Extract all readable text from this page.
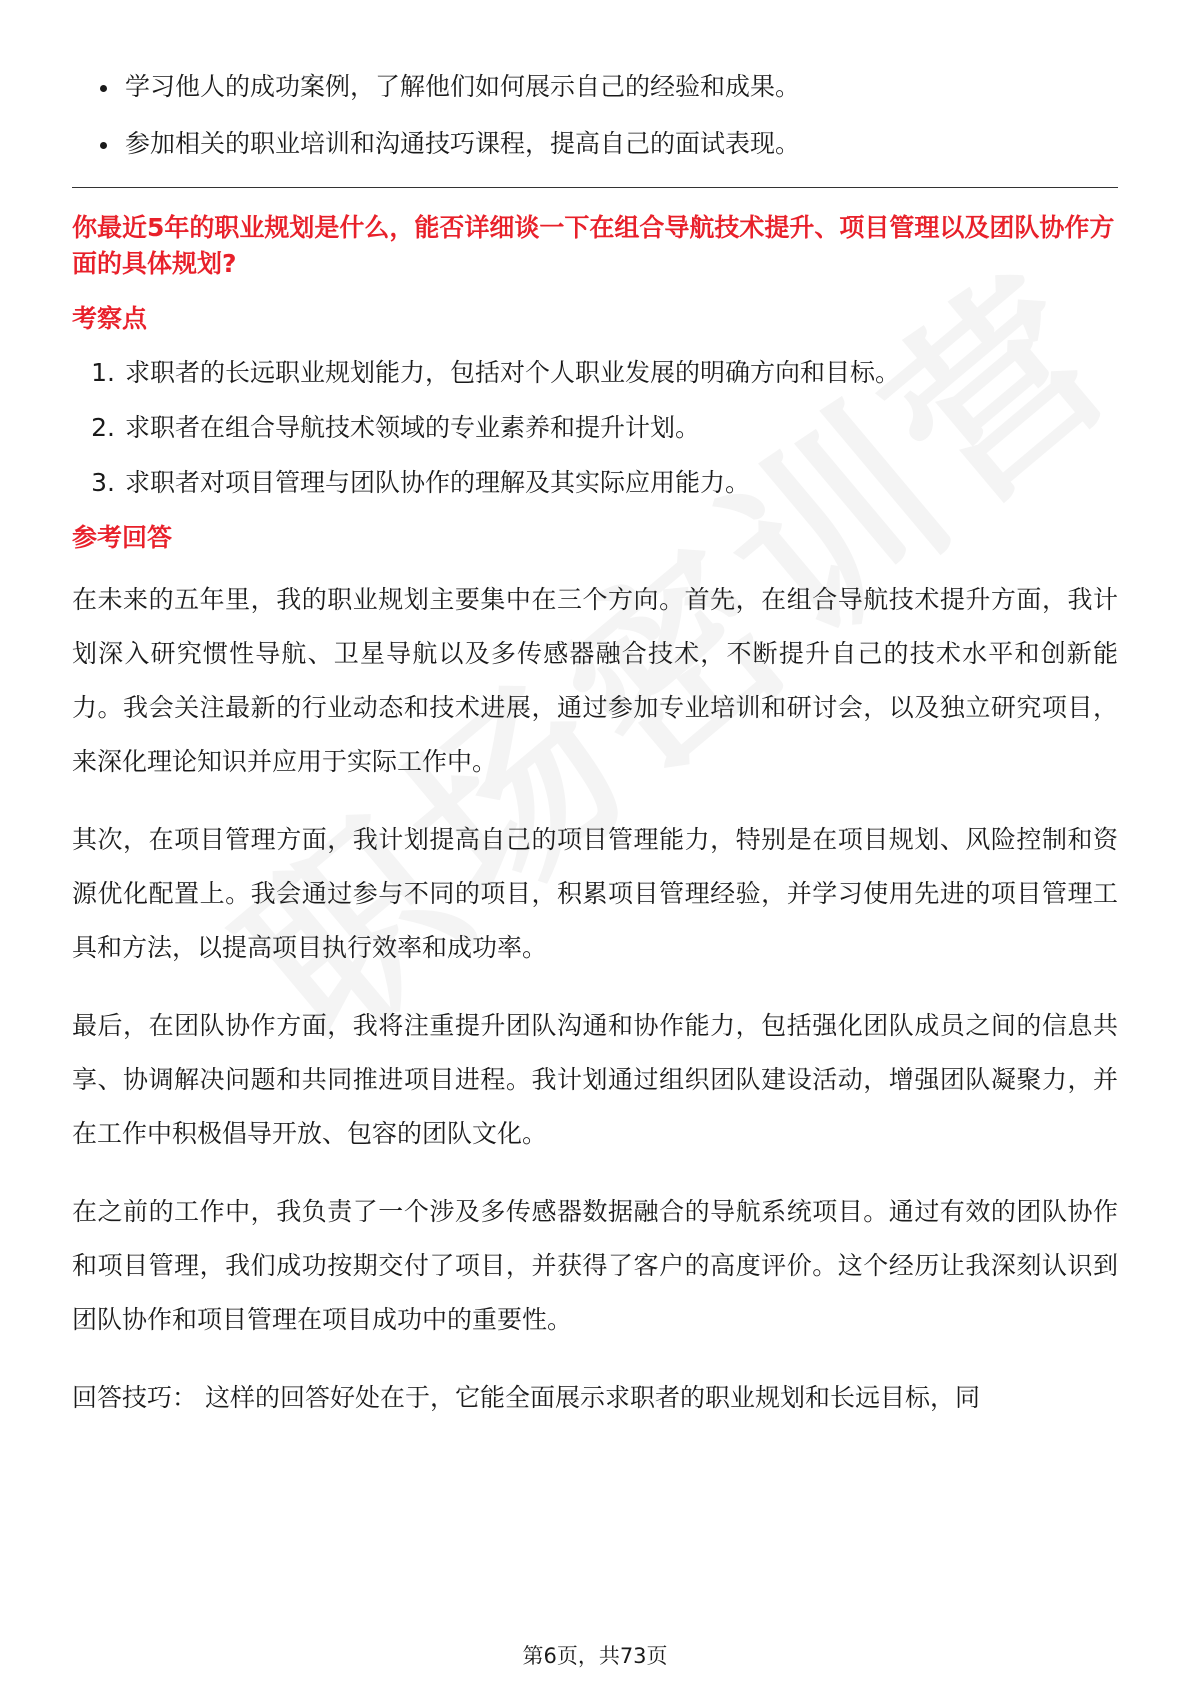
学习他人的成功案例，了解他们如何展示自己的经验和成果。
参加相关的职业培训和沟通技巧课程，提高自己的面试表现。
你最近5年的职业规划是什么，能否详细谈一下在组合导航技术提升、项目管理以及团队协作方面的具体规划?
考察点
1. 求职者的长远职业规划能力，包括对个人职业发展的明确方向和目标。
2. 求职者在组合导航技术领域的专业素养和提升计划。
3. 求职者对项目管理与团队协作的理解及其实际应用能力。
参考回答

在未来的五年里，我的职业规划主要集中在三个方向。首先，在组合导航技术提升方面，我计划深入研究惯性导航、卫星导航以及多传感器融合技术，不断提升自己的技术水平和创新能力。我会关注最新的行业动态和技术进展，通过参加专业培训和研讨会，以及独立研究项目，来深化理论知识并应用于实际工作中。

其次，在项目管理方面，我计划提高自己的项目管理能力，特别是在项目规划、风险控制和资源优化配置上。我会通过参与不同的项目，积累项目管理经验，并学习使用先进的项目管理工具和方法，以提高项目执行效率和成功率。

最后，在团队协作方面，我将注重提升团队沟通和协作能力，包括强化团队成员之间的信息共享、协调解决问题和共同推进项目进程。我计划通过组织团队建设活动，增强团队凝聚力，并在工作中积极倡导开放、包容的团队文化。

在之前的工作中，我负责了一个涉及多传感器数据融合的导航系统项目。通过有效的团队协作和项目管理，我们成功按期交付了项目，并获得了客户的高度评价。这个经历让我深刻认识到团队协作和项目管理在项目成功中的重要性。

回答技巧： 这样的回答好处在于，它能全面展示求职者的职业规划和长远目标，同

第6页，共73页
